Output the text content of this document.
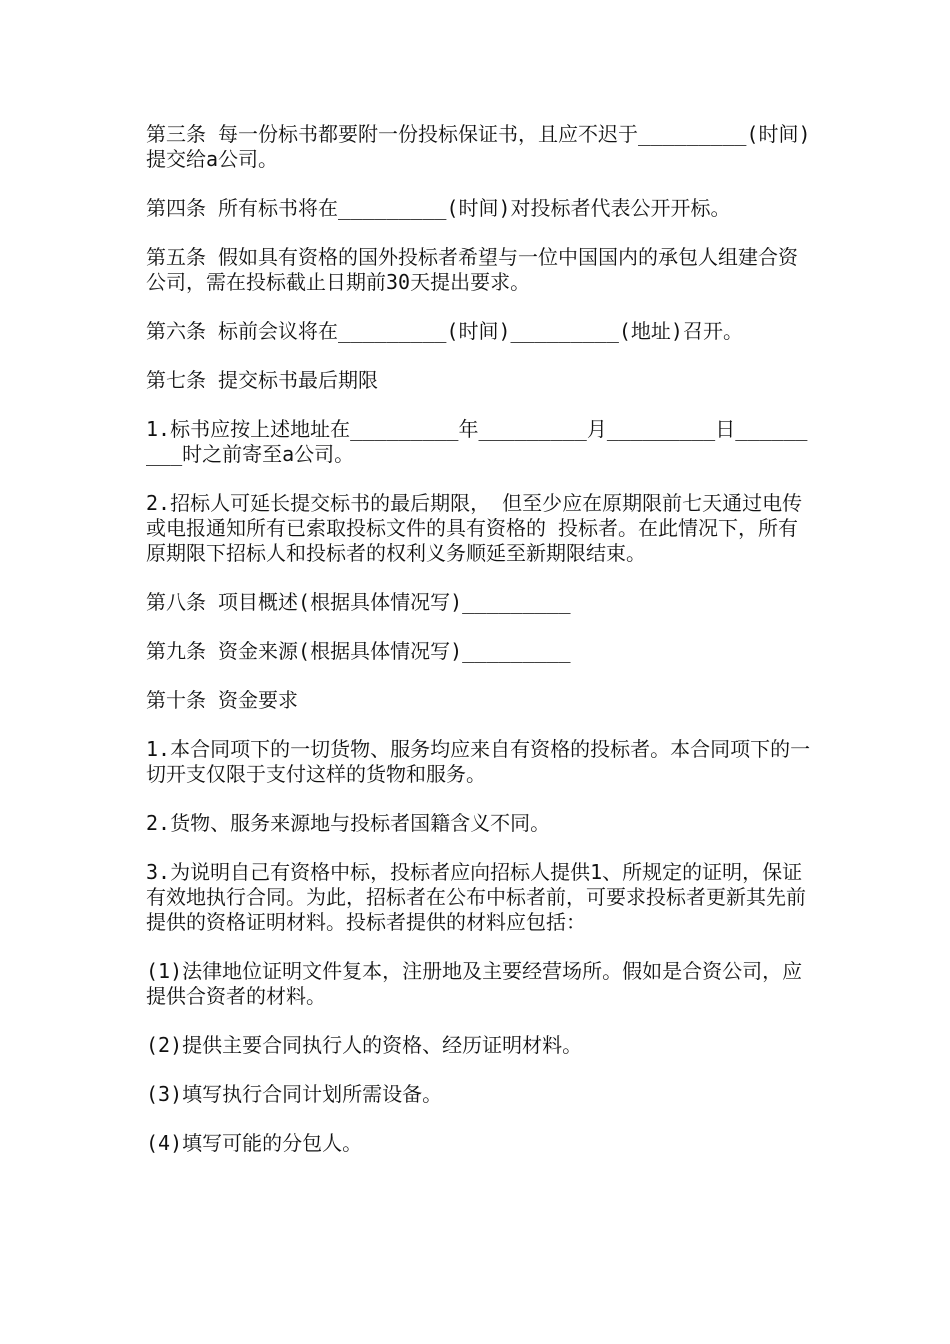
第三条 每一份标书都要附一份投标保证书，且应不迟于_________(时间)提交给a公司。

第四条 所有标书将在_________(时间)对投标者代表公开开标。

第五条 假如具有资格的国外投标者希望与一位中国国内的承包人组建合资公司，需在投标截止日期前30天提出要求。

第六条 标前会议将在_________(时间)_________(地址)召开。

第七条 提交标书最后期限

1.标书应按上述地址在_________年_________月_________日_________时之前寄至a公司。

2.招标人可延长提交标书的最后期限， 但至少应在原期限前七天通过电传或电报通知所有已索取投标文件的具有资格的 投标者。在此情况下，所有原期限下招标人和投标者的权利义务顺延至新期限结束。

第八条 项目概述(根据具体情况写)_________

第九条 资金来源(根据具体情况写)_________

第十条 资金要求

1.本合同项下的一切货物、服务均应来自有资格的投标者。本合同项下的一切开支仅限于支付这样的货物和服务。

2.货物、服务来源地与投标者国籍含义不同。

3.为说明自己有资格中标，投标者应向招标人提供1、所规定的证明，保证有效地执行合同。为此，招标者在公布中标者前，可要求投标者更新其先前提供的资格证明材料。投标者提供的材料应包括：

(1)法律地位证明文件复本，注册地及主要经营场所。假如是合资公司，应提供合资者的材料。

(2)提供主要合同执行人的资格、经历证明材料。

(3)填写执行合同计划所需设备。

(4)填写可能的分包人。
